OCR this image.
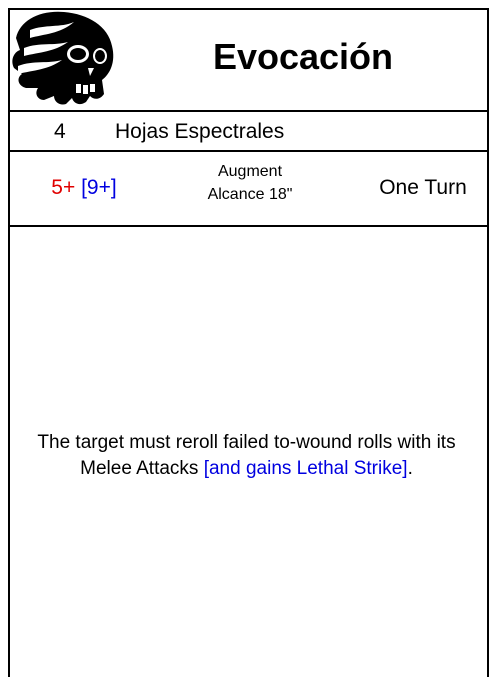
Evocación
4 Hojas Espectrales
5+ [9+]
Augment
Alcance 18"	One Turn
The target must reroll failed to-wound rolls with its Melee Attacks [and gains Lethal Strike].
